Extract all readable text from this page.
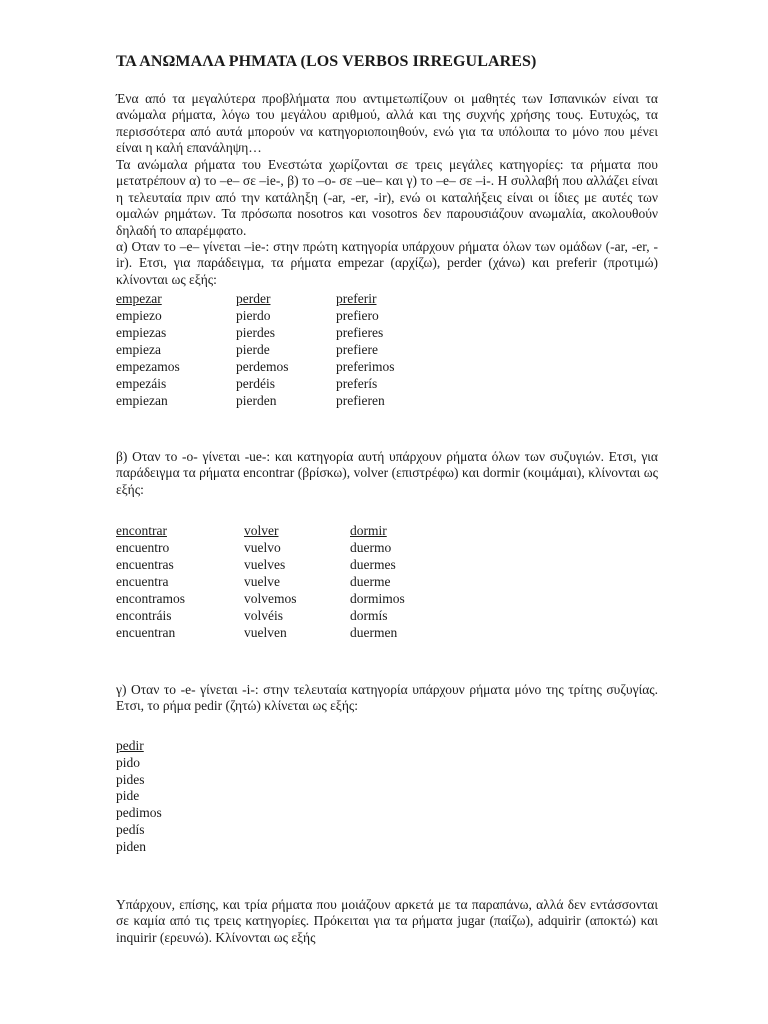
ΤΑ ΑΝΩΜΑΛΑ ΡΗΜΑΤΑ (LOS VERBOS IRREGULARES)
Ένα από τα μεγαλύτερα προβλήματα που αντιμετωπίζουν οι μαθητές των Ισπανικών είναι τα ανώμαλα ρήματα, λόγω του μεγάλου αριθμού, αλλά και της συχνής χρήσης τους. Ευτυχώς, τα περισσότερα από αυτά μπορούν να κατηγοριοποιηθούν, ενώ για τα υπόλοιπα το μόνο που μένει είναι η καλή επανάληψη…
Τα ανώμαλα ρήματα του Ενεστώτα χωρίζονται σε τρεις μεγάλες κατηγορίες: τα ρήματα που μετατρέπουν α) το –e– σε –ie-, β) το –o- σε –ue– και γ) το –e– σε –i-. Η συλλαβή που αλλάζει είναι η τελευταία πριν από την κατάληξη (-ar, -er, -ir), ενώ οι καταλήξεις είναι οι ίδιες με αυτές των ομαλών ρημάτων. Τα πρόσωπα nosotros και vosotros δεν παρουσιάζουν ανωμαλία, ακολουθούν δηλαδή το απαρέμφατο.
α) Οταν το –e– γίνεται –ie-: στην πρώτη κατηγορία υπάρχουν ρήματα όλων των ομάδων (-ar, -er, -ir). Ετσι, για παράδειγμα, τα ρήματα empezar (αρχίζω), perder (χάνω) και preferir (προτιμώ) κλίνονται ως εξής:
empezar	perder	preferir
empiezo	pierdo	prefiero
empiezas	pierdes	prefieres
empieza	pierde	prefiere
empezamos	perdemos	preferimos
empezáis	perdéis	preferís
empiezan	pierden	prefieren
β) Οταν το -o- γίνεται -ue-: και κατηγορία αυτή υπάρχουν ρήματα όλων των συζυγιών. Ετσι, για παράδειγμα τα ρήματα encontrar (βρίσκω), volver (επιστρέφω) και dormir (κοιμάμαι), κλίνονται ως εξής:
encontrar	volver	dormir
encuentro	vuelvo	duermo
encuentras	vuelves	duermes
encuentra	vuelve	duerme
encontramos	volvemos	dormimos
encontráis	volvéis	dormís
encuentran	vuelven	duermen
γ) Οταν το -e- γίνεται -i-: στην τελευταία κατηγορία υπάρχουν ρήματα μόνο της τρίτης συζυγίας. Ετσι, το ρήμα pedir (ζητώ) κλίνεται ως εξής:
pedir
pido
pides
pide
pedimos
pedís
piden
Υπάρχουν, επίσης, και τρία ρήματα που μοιάζουν αρκετά με τα παραπάνω, αλλά δεν εντάσσονται σε καμία από τις τρεις κατηγορίες. Πρόκειται για τα ρήματα jugar (παίζω), adquirir (αποκτώ) και inquirir (ερευνώ). Κλίνονται ως εξής
